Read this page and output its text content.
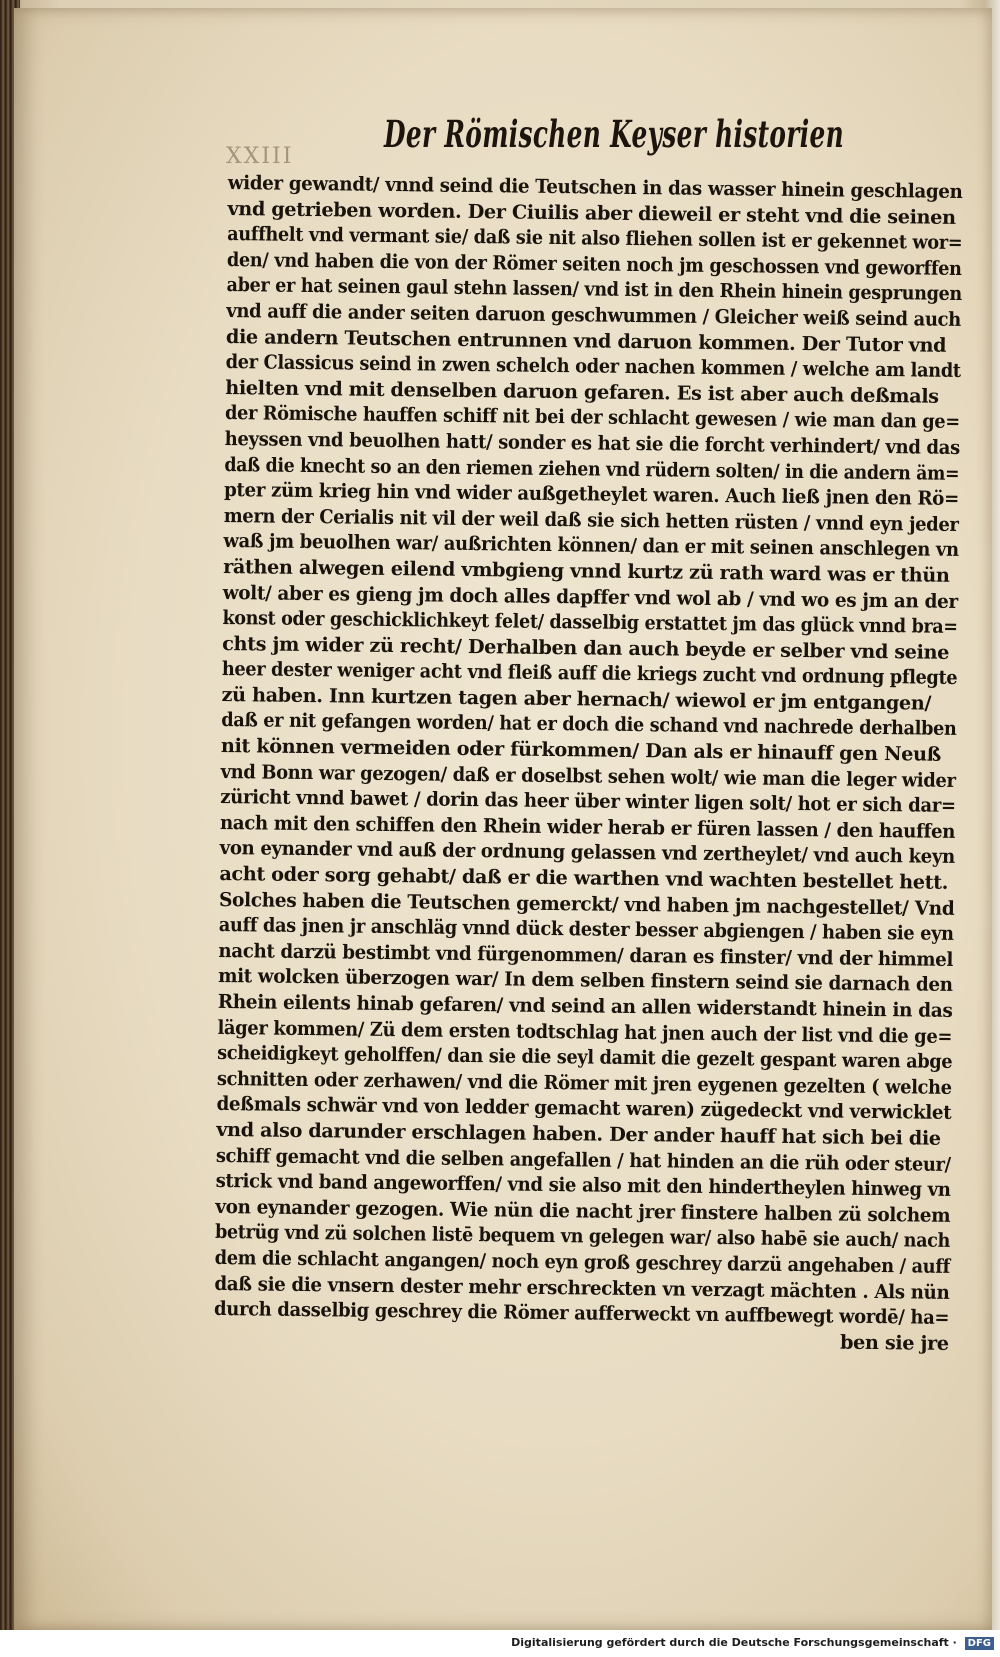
XXIII
Der Römischen Keyser historien
wider gewandt/ vnnd seind die Teutschen in das wasser hinein geschlagen
vnd getrieben worden. Der Ciuilis aber dieweil er steht vnd die seinen
auffhelt vnd vermant sie/ daß sie nit also fliehen sollen ist er gekennet wor=
den/ vnd haben die von der Römer seiten noch jm geschossen vnd geworffen
aber er hat seinen gaul stehn lassen/ vnd ist in den Rhein hinein gesprungen
vnd auff die ander seiten daruon geschwummen / Gleicher weiß seind auch
die andern Teutschen entrunnen vnd daruon kommen. Der Tutor vnd
der Classicus seind in zwen schelch oder nachen kommen / welche am landt
hielten vnd mit denselben daruon gefaren. Es ist aber auch deßmals
der Römische hauffen schiff nit bei der schlacht gewesen / wie man dan ge=
heyssen vnd beuolhen hatt/ sonder es hat sie die forcht verhindert/ vnd das
daß die knecht so an den riemen ziehen vnd rüdern solten/ in die andern äm=
pter züm krieg hin vnd wider außgetheylet waren. Auch ließ jnen den Rö=
mern der Cerialis nit vil der weil daß sie sich hetten rüsten / vnnd eyn jeder
waß jm beuolhen war/ außrichten können/ dan er mit seinen anschlegen vn
räthen alwegen eilend vmbgieng vnnd kurtz zü rath ward was er thün
wolt/ aber es gieng jm doch alles dapffer vnd wol ab / vnd wo es jm an der
konst oder geschicklichkeyt felet/ dasselbig erstattet jm das glück vnnd bra=
chts jm wider zü recht/ Derhalben dan auch beyde er selber vnd seine
heer dester weniger acht vnd fleiß auff die kriegs zucht vnd ordnung pflegte
zü haben. Inn kurtzen tagen aber hernach/ wiewol er jm entgangen/
daß er nit gefangen worden/ hat er doch die schand vnd nachrede derhalben
nit können vermeiden oder fürkommen/ Dan als er hinauff gen Neuß
vnd Bonn war gezogen/ daß er doselbst sehen wolt/ wie man die leger wider
züricht vnnd bawet / dorin das heer über winter ligen solt/ hot er sich dar=
nach mit den schiffen den Rhein wider herab er füren lassen / den hauffen
von eynander vnd auß der ordnung gelassen vnd zertheylet/ vnd auch keyn
acht oder sorg gehabt/ daß er die warthen vnd wachten bestellet hett.
Solches haben die Teutschen gemerckt/ vnd haben jm nachgestellet/ Vnd
auff das jnen jr anschläg vnnd dück dester besser abgiengen / haben sie eyn
nacht darzü bestimbt vnd fürgenommen/ daran es finster/ vnd der himmel
mit wolcken überzogen war/ In dem selben finstern seind sie darnach den
Rhein eilents hinab gefaren/ vnd seind an allen widerstandt hinein in das
läger kommen/ Zü dem ersten todtschlag hat jnen auch der list vnd die ge=
scheidigkeyt geholffen/ dan sie die seyl damit die gezelt gespant waren abge
schnitten oder zerhawen/ vnd die Römer mit jren eygenen gezelten ( welche
deßmals schwär vnd von ledder gemacht waren) zügedeckt vnd verwicklet
vnd also darunder erschlagen haben. Der ander hauff hat sich bei die
schiff gemacht vnd die selben angefallen / hat hinden an die rüh oder steur/
strick vnd band angeworffen/ vnd sie also mit den hindertheylen hinweg vn
von eynander gezogen. Wie nün die nacht jrer finstere halben zü solchem
betrüg vnd zü solchen listē bequem vn gelegen war/ also habē sie auch/ nach
dem die schlacht angangen/ noch eyn groß geschrey darzü angehaben / auff
daß sie die vnsern dester mehr erschreckten vn verzagt mächten . Als nün
durch dasselbig geschrey die Römer aufferweckt vn auffbewegt wordē/ ha=
ben sie jre
Digitalisierung gefördert durch die Deutsche Forschungsgemeinschaft · DFG
